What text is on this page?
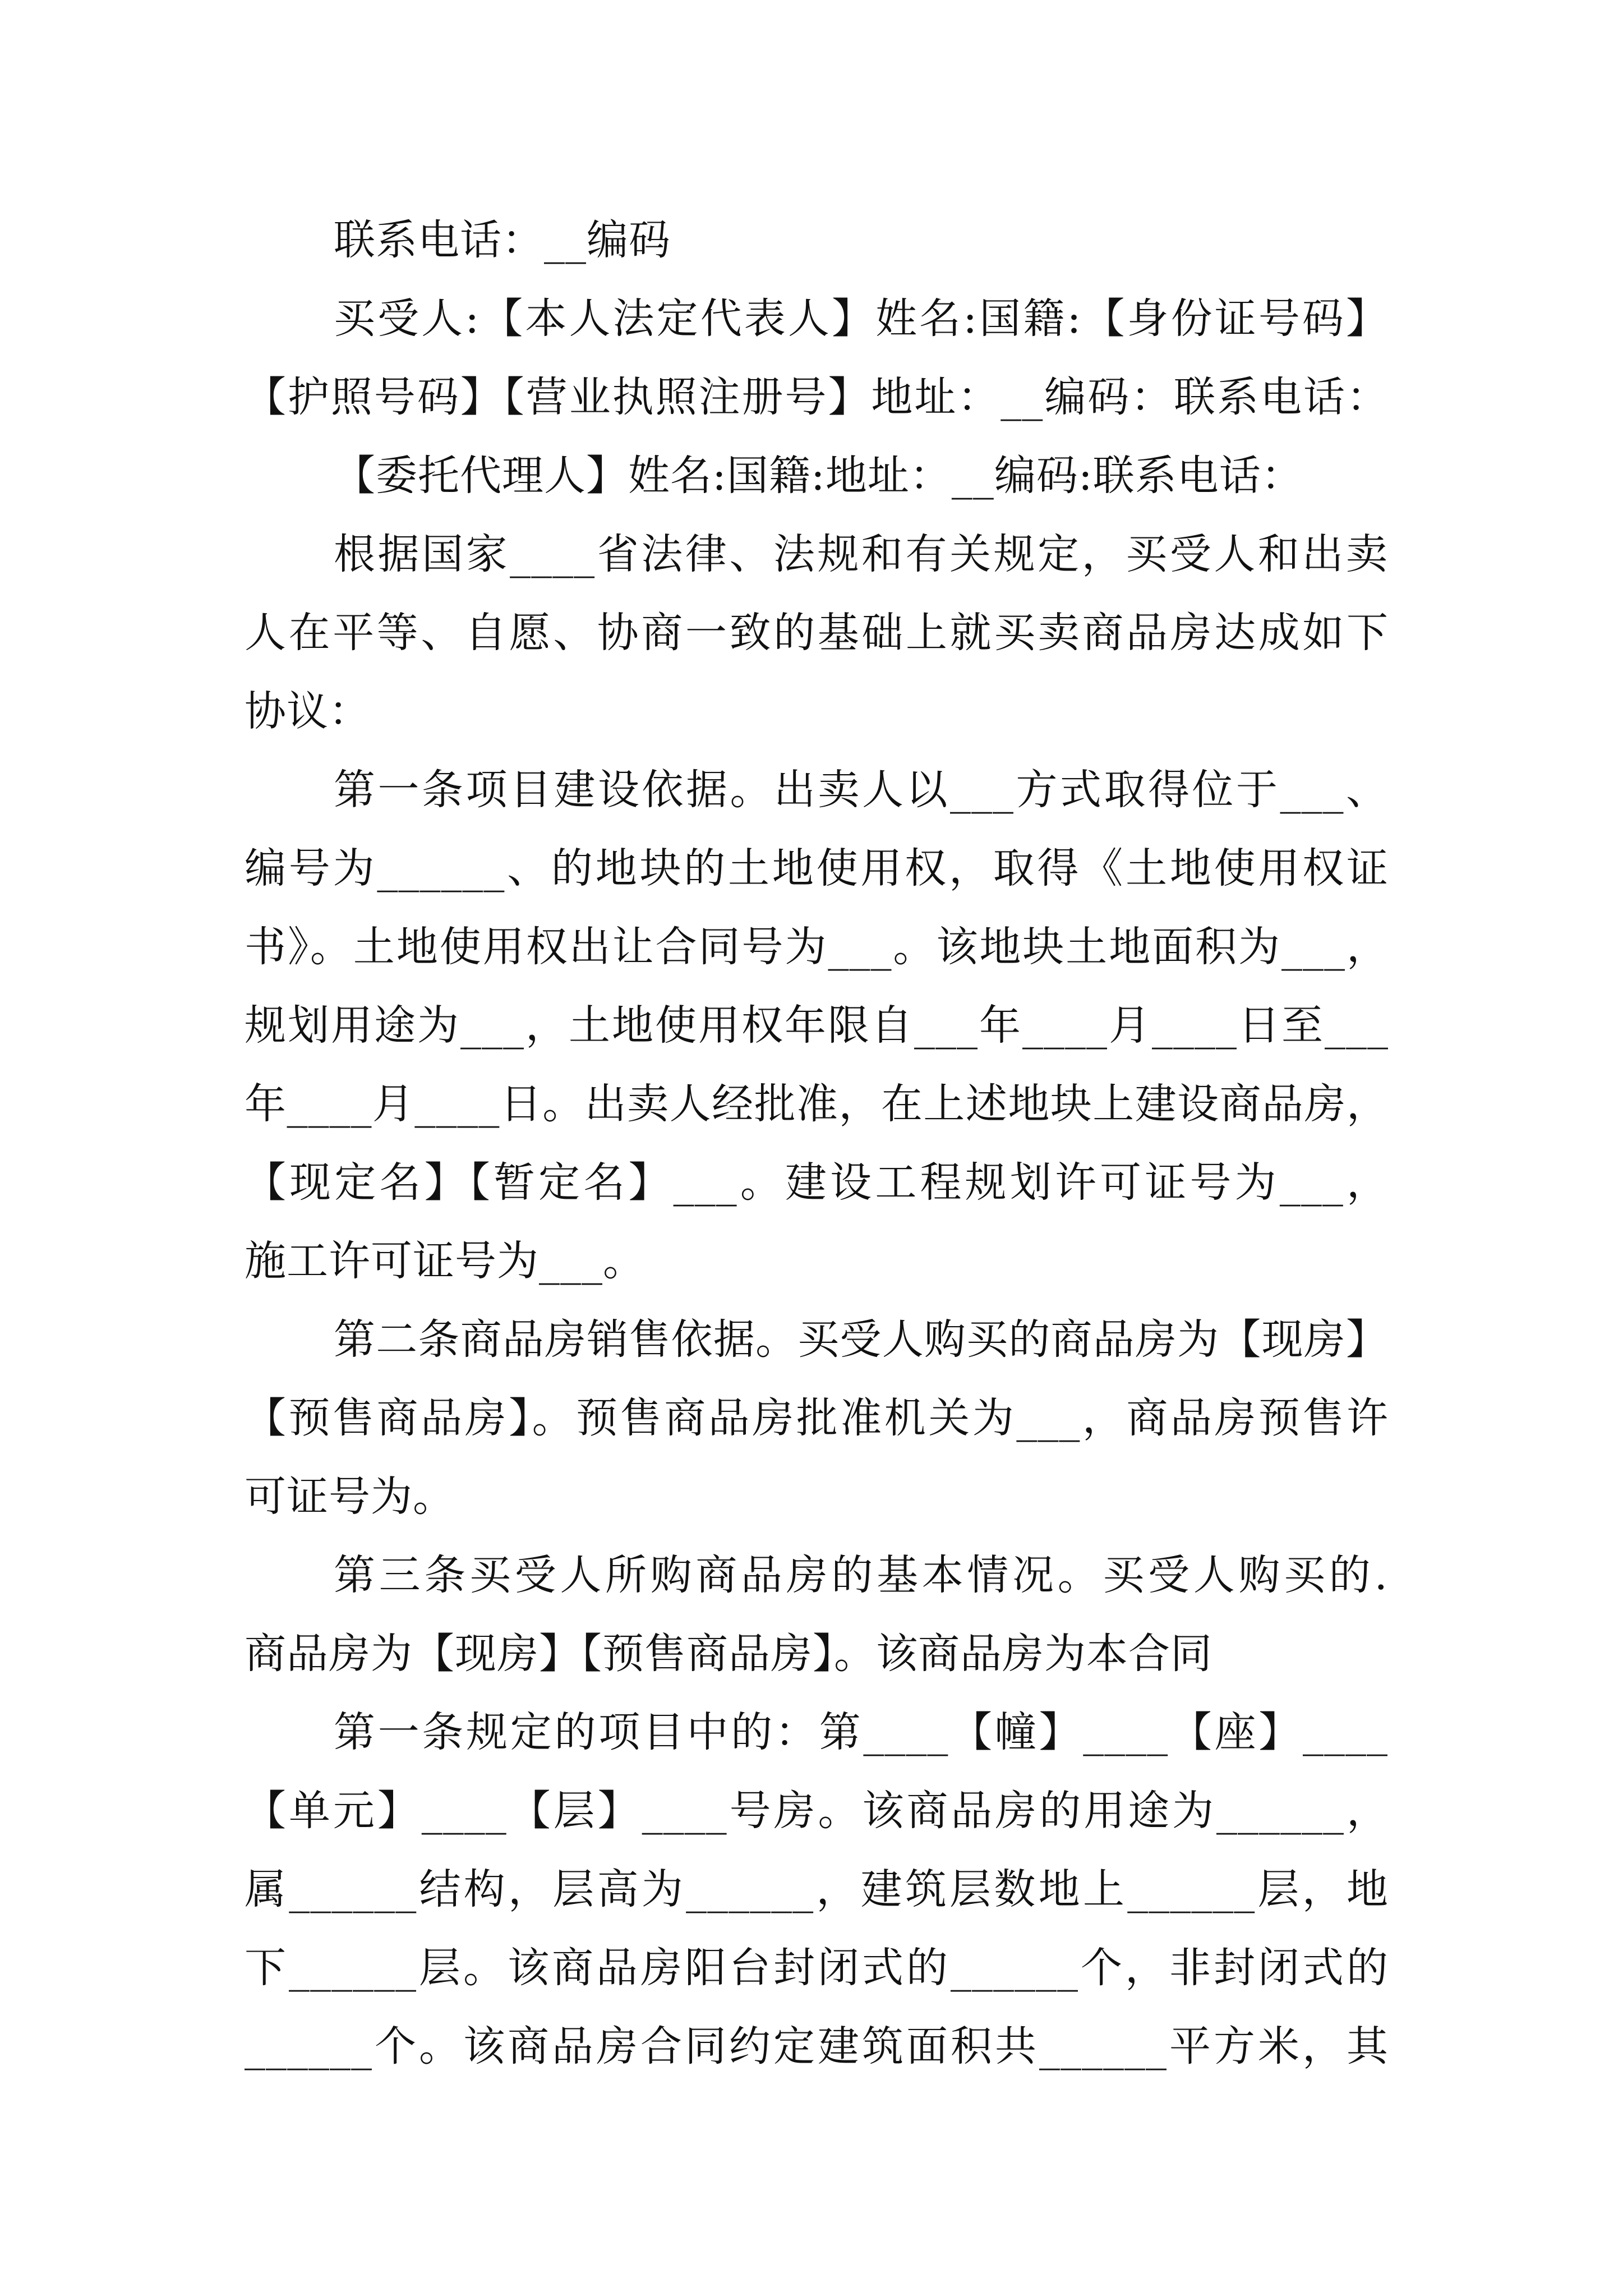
联系电话：__编码
买受人:【本人法定代表人】姓名:国籍:【身份证号码】
【护照号码】【营业执照注册号】地址：__编码：联系电话：
【委托代理人】姓名:国籍:地址：__编码:联系电话：
根据国家____省法律、法规和有关规定，买受人和出卖
人在平等、自愿、协商一致的基础上就买卖商品房达成如下
协议：
第一条项目建设依据。出卖人以___方式取得位于___、
编号为______、的地块的土地使用权，取得《土地使用权证
书》。土地使用权出让合同号为___。该地块土地面积为___，
规划用途为___，土地使用权年限自___年____月____日至___
年____月____日。出卖人经批准，在上述地块上建设商品房，
【现定名】【暂定名】___。建设工程规划许可证号为___，
施工许可证号为___。
第二条商品房销售依据。买受人购买的商品房为【现房】
【预售商品房】。预售商品房批准机关为___，商品房预售许
可证号为。
第三条买受人所购商品房的基本情况。买受人购买的.
商品房为【现房】【预售商品房】。该商品房为本合同
第一条规定的项目中的：第____【幢】____【座】____
【单元】____【层】____号房。该商品房的用途为______，
属______结构，层高为______，建筑层数地上______层，地
下______层。该商品房阳台封闭式的______个，非封闭式的
______个。该商品房合同约定建筑面积共______平方米，其
